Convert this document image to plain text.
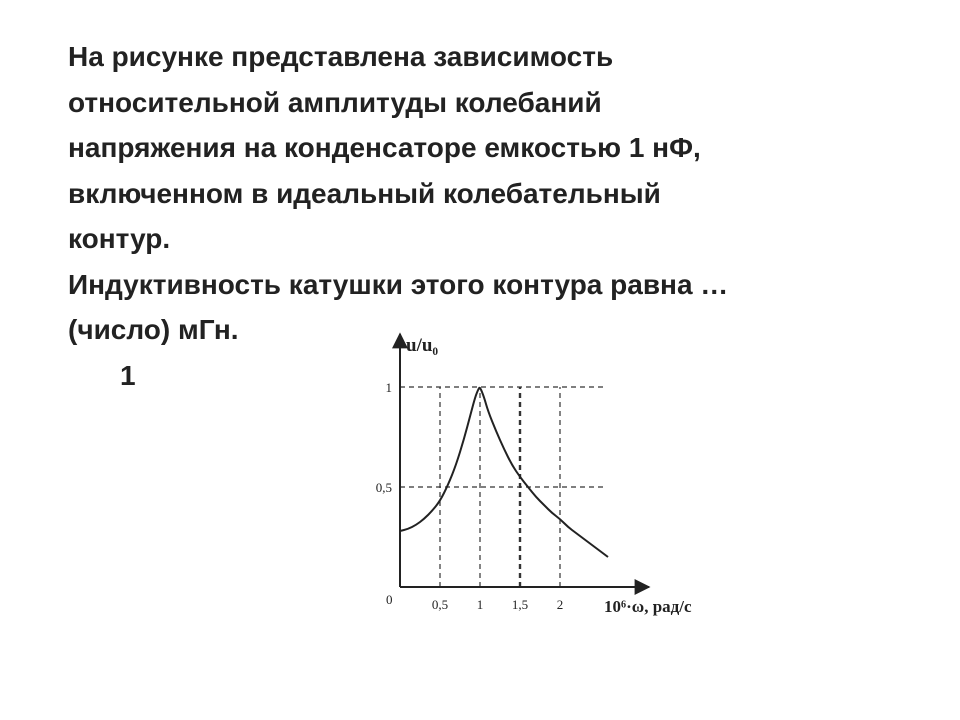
На рисунке представлена зависимость

относительной амплитуды колебаний

напряжения на конденсаторе емкостью 1 нФ,

включенном в идеальный колебательный

контур.

Индуктивность катушки этого контура равна …

(число) мГн.

1

0,5 1 1,5 2
0,5
1
u/u₀
10⁶·ω, рад/с
0
